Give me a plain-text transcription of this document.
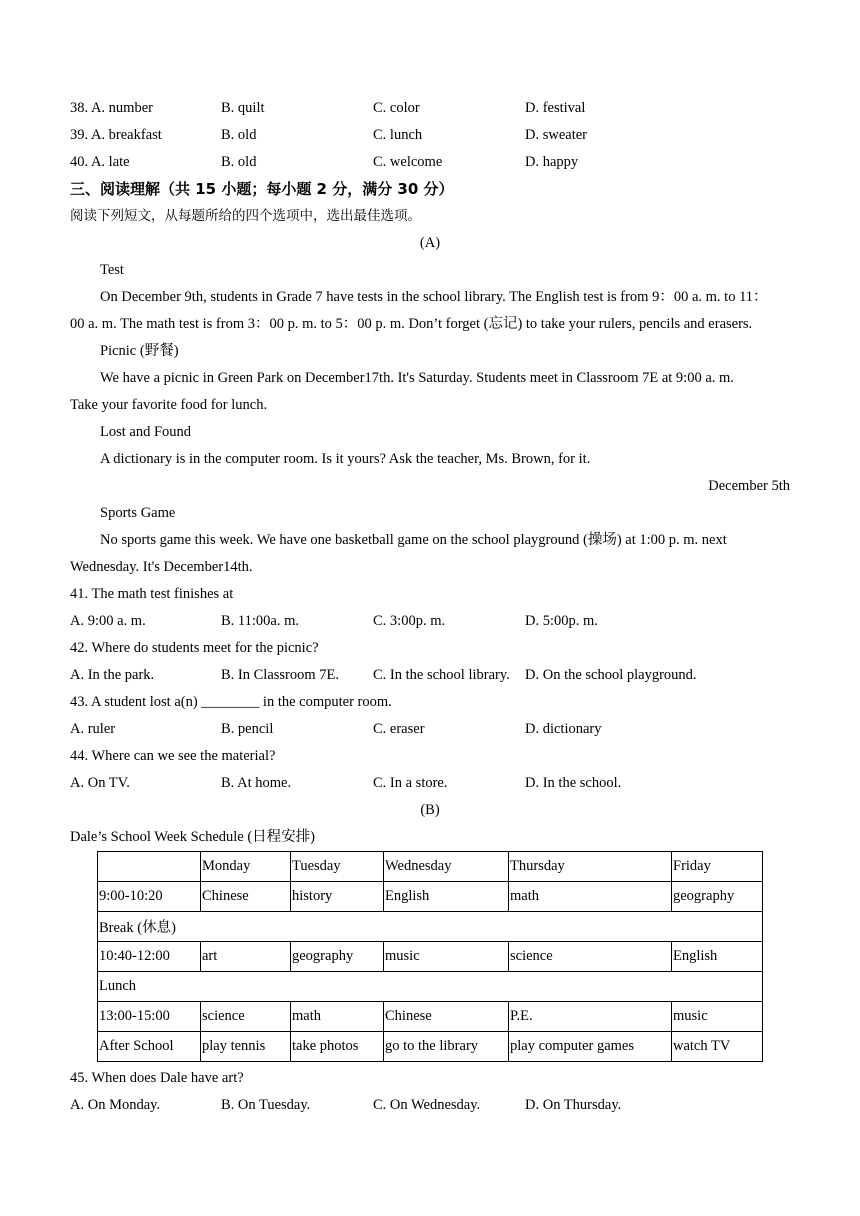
38. A. number	B. quilt	C. color	D. festival
39. A. breakfast	B. old	C. lunch	D. sweater
40. A. late	B. old	C. welcome	D. happy
三、阅读理解（共 15 小题；每小题 2 分，满分 30 分）
阅读下列短文，从每题所给的四个选项中，选出最佳选项。
(A)
Test
On December 9th, students in Grade 7 have tests in the school library. The English test is from 9：00 a. m. to 11：
00 a. m. The math test is from 3：00 p. m. to 5：00 p. m. Don’t forget (忘记) to take your rulers, pencils and erasers.
Picnic (野餐)
We have a picnic in Green Park on December17th. It's Saturday. Students meet in Classroom 7E at 9:00 a. m.
Take your favorite food for lunch.
Lost and Found
A dictionary is in the computer room. Is it yours? Ask the teacher, Ms. Brown, for it.
December 5th
Sports Game
No sports game this week. We have one basketball game on the school playground (操场) at 1:00 p. m. next
Wednesday. It's December14th.
41. The math test finishes at
A. 9:00 a. m.	B. 11:00a. m.	C. 3:00p. m.	D. 5:00p. m.
42. Where do students meet for the picnic?
A. In the park.	B. In Classroom 7E. C. In the school library. D. On the school playground.
43. A student lost a(n) ________ in the computer room.
A. ruler	B. pencil	C. eraser	D. dictionary
44. Where can we see the material?
A. On TV.	B. At home.	C. In a store.	D. In the school.
(B)
Dale’s School Week Schedule (日程安排)
	Monday	Tuesday	Wednesday	Thursday	Friday
9:00-10:20	Chinese	history	English	math	geography
Break (休息)					
10:40-12:00	art	geography	music	science	English
Lunch					
13:00-15:00	science	math	Chinese	P.E.	music
After School	play tennis	take photos	go to the library	play computer games	watch TV
45. When does Dale have art?
A. On Monday.	B. On Tuesday.	C. On Wednesday.	D. On Thursday.
